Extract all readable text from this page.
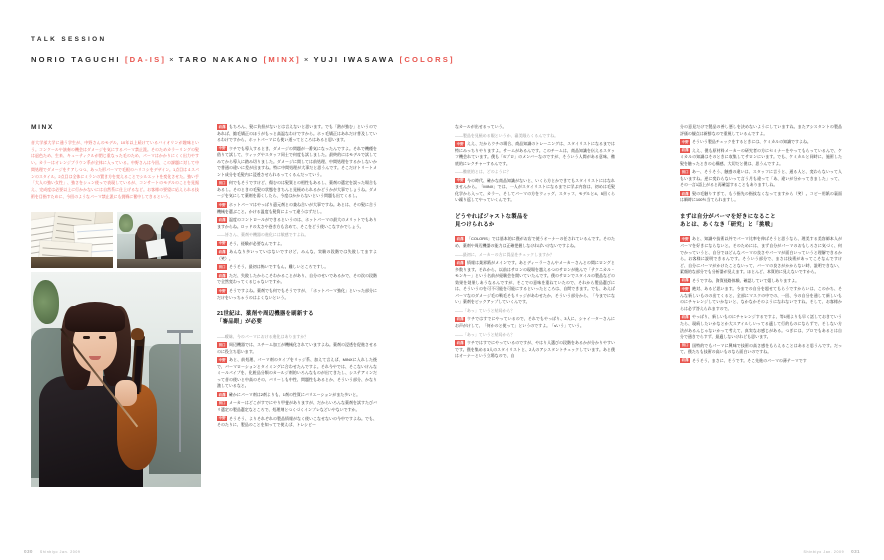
TALK SESSION
NORIO TAGUCHI [DA-IS] × TARO NAKANO [MINX] × YUJI IWASAWA [COLORS]
MINX
音大学部大学に通う学生が、中野さんのモデル。10年以上続けているバイオリンが趣味という。コンクールや演奏の機会はダメージを気にするパーマ禁止派。そのためカラーリングの髪は退色ため、生来、キューティクルが閉じ重なった毛のため、パーマはかかりにくく出力やすい。カラーはオレンジブラウン系が全体に入っている。中野さんは今回、この課題に対して中間処理でダメージをケアしつつ、あった形パーマで毛根のハリコシをデザイン。1点目は４スパンのスタイル。2点目は全体にミランの置き方を変えることでシルエットを変化させた。強い手「大人の強い女性」、強さをシュン使っで表現しているが、コンサートのモデルのことを見据え、完成度は必要以上に行かかないには自然系に仕上げるなど。お客様の要望に応えられる技術を目指すために、今回のようなパーマ禁止派にも挑戦に奮中してきるという。

岩澤 もちろん、髪に負担がないとは言えないと思います。でも「熱が強む」というのであれば、縮毛矯正のほうがもっと高温なわけですから。ホッ毛矯正はあれだけ普及しているわけですから、ホットパーマにも使い道ってところはあると思います。

中野 ウチでも導入するとき、ダメージの問題が一番気になったんですよ。それで機種を借りて試して、ウィッグやスタッフ同士で何度も試しました。最終的にはモデルで試してみてから導入に踏み切りました。ダメージに関しては前処理、中間処理をするかしないかで普通の違いに差が出ますね。特に中間処理が大事だと思うんです。そこだけトリートメント成分を毛髪内に浸透させられるってくるんだっていう。

田口 何でもそうですけど、傷むのは髪質との相性もあるし、薬剤の選定を誤った場合もあるし。そのときの毛髪の状態をきちんと見極められるかどうかが大事でしょうね。ダメージを気にして薬剤を弱くしたら、今度はかからないという問題も出てくるし。

中野 ホットパーマはやっぱり還元剤との兼ね合いが大事ですね。あとは、その髪に合う機械を選ぶこと。かける温度も髪質によって違うはずだし。

岩澤 温度のコントロールができるというのは、ホットパーマの最大のメリットでもありますからね。ロッドの太さや巻き方も含めて、そこをどう使いこなすかでしょう。

――皆さん、薬剤や機器の進化には敏感ですよね。

中野 そう、経験が必要なんですよ。

岩澤 あんなり多いっていはないですけど、みんな、実験の段階では失敗してますよ（笑）。

田口 そうそう、最初は怖いですもん。難しいところですし。

岩澤 ただ、失敗したからこそわかることがあり、自分のせいであるかで、その次の段階で全然変わってくるじゃないですか。

中野 そうですよね。薬剤でも何でもそうですが、「ホットパーマ強化」といった部分にだけをいっちゃうのはよくないという。

21世紀は、薬剤や周辺機器を刷新する
「審品眼」が必要

――曖昧、今のパーマにおける進化はありますか？

田口 周辺機器では、スチーム加工が機械化されていますよね。薬剤の浸透を促進させるのに役立ち思います。

中野 あと、前処理、パーマ剤のタイプをリッジ系、加えて言えば、MINXに入れした後で、バーマローションとタイミングに合わせたんですよ。それ今やでは、そこないけんなミールパイプを、化粧品分類のカールジ剤的いろんなものが出てきたし、システアミンだって昔の使いと中高のその、バリーしも中性、問題性もあるとか、そういう部分、かなり激しているなと。

岩澤 確かにパーマ剤は2剤よりも、1剤の性質にバリエーションがまた多いと。

田口 メーカーはどこがすでにやり甲斐がありますが、だからいろんな薬剤を試すたびバリ選定の製品選定なところで、処理剤とつくづくインプレなどいやないですか。

中野 そうそう、よりそれぞれの製品情報がなく使いこなせないの今中ですよね。でも、そのたりに、製品のことを知ってで使えば、トレシピー

なカールが出せるっていう。

――製品を見極める眼というか、審美眼らくるんですね。

中野 ええ、だからウチの場合、商品知識のトレーニングは、スタイリストになるまでは特にみっちりやりますよ。サームがあるんです。このチームは、商品知識を伝えるスタッフ機会れています。僕も「Sプロ」のメンバーなのですが、そういう人間がある意味、徹底的にレクチャーするんです。

――徹底的とは、どのように？

中野 今の時代、確かな商品知識がないと、いくら方とかできてもスタイリストにはなれませんから。「MINX」では、一人がスタイリストになるまでに学ぶ内容は、初めは毛髪化学から入って、カラー、そしてパーマの方をウィッグ、スタッフ、モデルと4、5回くらい繰り返してやっていくんです。

どうやればジャストな製品を
見つけられるか

岩澤 「COLORS」では基本的に僕がお店で使うオーナーの任されているんです。そのため、薬剤や周辺機器の能力は正確把握しなければいけないですよね。

――最初に、メーカーの方に買品をチェックしますか？

岩澤 情報は業界紙がメインです。あとディーラーさんやメーカーさんとの間にロングと多数ります。それから、以前はサロンの現場を越えるつのサロンが進んで「テクニカル・モンキー」という名前が経験会を開いていたんです。僕のサロンでスタイルの製品などの効果を効果しあうなるんですが、そこでの意味を重ねていたので、それから製品選びには、そういうのを可不可能を可能にするといったところは、自問できます。でも、あえばパーマなのダメージ毛の戦毛そもリッジがあわせたか、そういう部分から、「今までにない」薬剤をピックアップしていくんです。

――「あっ」ていうと結局から？

岩澤 ウチではすでにやっているので、それでもやっぱり、3人に、シャイ一ターさんにお声がけして、「何かのと使って」というのですよ。「sいう」ていう。

――「あっ」ていうと結局から？

岩澤 ウチではすでにやっているのですが、やはり人選びの段階をあるかが分かりやすいです。僕を集める3人のスタイリストと、2人のアシスタントチェックしています。あと僕はオーナーという立場なので、自

分の意見だけで製品の善し悪しを決めないようにしていますね。またアシスタントの製品評価の観点は新鮮なので重視しているんですよ。

中野 そういう製品チェックをするときには、ケミカルの知識ですよね。

岩澤 ええ、僕も原材料メーカーの研究者の方にセミナーをやってもらっているんで、ケミカルの知識はそのときに収集してサロンにいます。でも、ケミカルと同時に、施術した髪を触ったときの心構感、大切だと僕は、思うんですよ。

田口 あー、そうそう、触感の違いは、スタッフに言うと、通る人と、変わらないって人もいますね。逆に変わらないって言う月も違って「あ、違いが分かってきました」って、その一言1語上がると再確認することもありますしね。

岩澤 髪の毛触りすぎて、もう指先の指紋なくなってますから（笑）。コピー用紙の裏面は瞬時に100％当てられますし。

まずは自分がパーマを好きになること
あとは、あくなき「研究」と「挑戦」

中野 あと、知識や技術以外でパーマ比率を伸ばそうと思うなら、理美する美容師本人がパーマを好きにならないと。そのためには、まず自分がパーマのおもしろさに気づく、何でかっていうと、自分でほどんなパーマの良さやパーマが面白いっていうと理解できるから。お客様に説明できるんです。そういう部分で、まさは技術があってこそなんですけど、自分にパーマがかけたことないって、バーマの良さがかからない時、説明できない、素顔的な部分でも分析器が見えます。ほとんど、本質的に見えないですから。

岩澤 そうですね、資質経路体験、確認していて嬉しありますよ。

中野 絶対、あるど思います。今までの自分を超せてもらうですからいは、このかち、そんな新しいものの出てくると、全部にマスクの中での、一回、今の自分を通して新しいものにチャレンジしていかないと、なかなかそのようになれないですね。そして、お客様からは必ず答えられますので。

岩澤 やっぱり、新しいものにチャレンジするですよ、等1週よりも早く話しておきていうたら、現続したいかなとか大スアイルしいってる適して行的ものにならずで、そしない方法があるんじゃないかって考えて、真実なお感じがある。つぎには、ブロでもあるとは自分で通きでらすず、最適しないけれども思います。

田口 国特的でもパーマに興味で技術の高さ感をもらえることはあると思うんです。だって、僕たちも技術の高いものなら面白いのですね。

岩澤 そうそう、まさに、そうです。そこ先進のパーマの薄テーマです

030 Shinbiyo Jan. 2009	Shinbiyo Jan. 2009 031
